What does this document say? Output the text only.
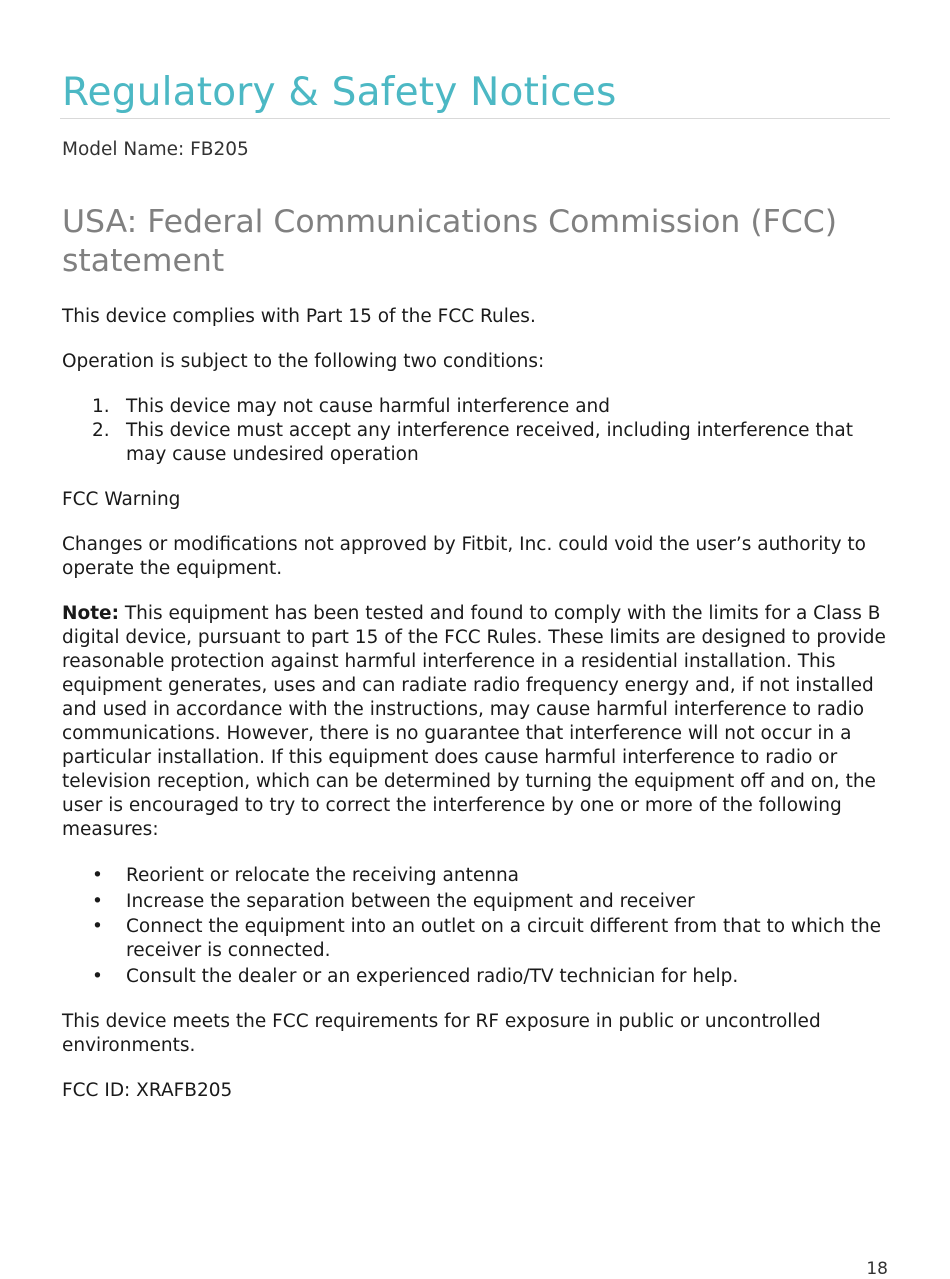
Regulatory & Safety Notices

Model Name: FB205

USA: Federal Communications Commission (FCC) statement

This device complies with Part 15 of the FCC Rules.

Operation is subject to the following two conditions:

1. This device may not cause harmful interference and
2. This device must accept any interference received, including interference that may cause undesired operation

FCC Warning

Changes or modifications not approved by Fitbit, Inc. could void the user’s authority to operate the equipment.

Note: This equipment has been tested and found to comply with the limits for a Class B digital device, pursuant to part 15 of the FCC Rules. These limits are designed to provide reasonable protection against harmful interference in a residential installation. This equipment generates, uses and can radiate radio frequency energy and, if not installed and used in accordance with the instructions, may cause harmful interference to radio communications. However, there is no guarantee that interference will not occur in a particular installation. If this equipment does cause harmful interference to radio or television reception, which can be determined by turning the equipment off and on, the user is encouraged to try to correct the interference by one or more of the following measures:

• Reorient or relocate the receiving antenna
• Increase the separation between the equipment and receiver
• Connect the equipment into an outlet on a circuit different from that to which the receiver is connected.
• Consult the dealer or an experienced radio/TV technician for help.

This device meets the FCC requirements for RF exposure in public or uncontrolled environments.

FCC ID: XRAFB205

18
